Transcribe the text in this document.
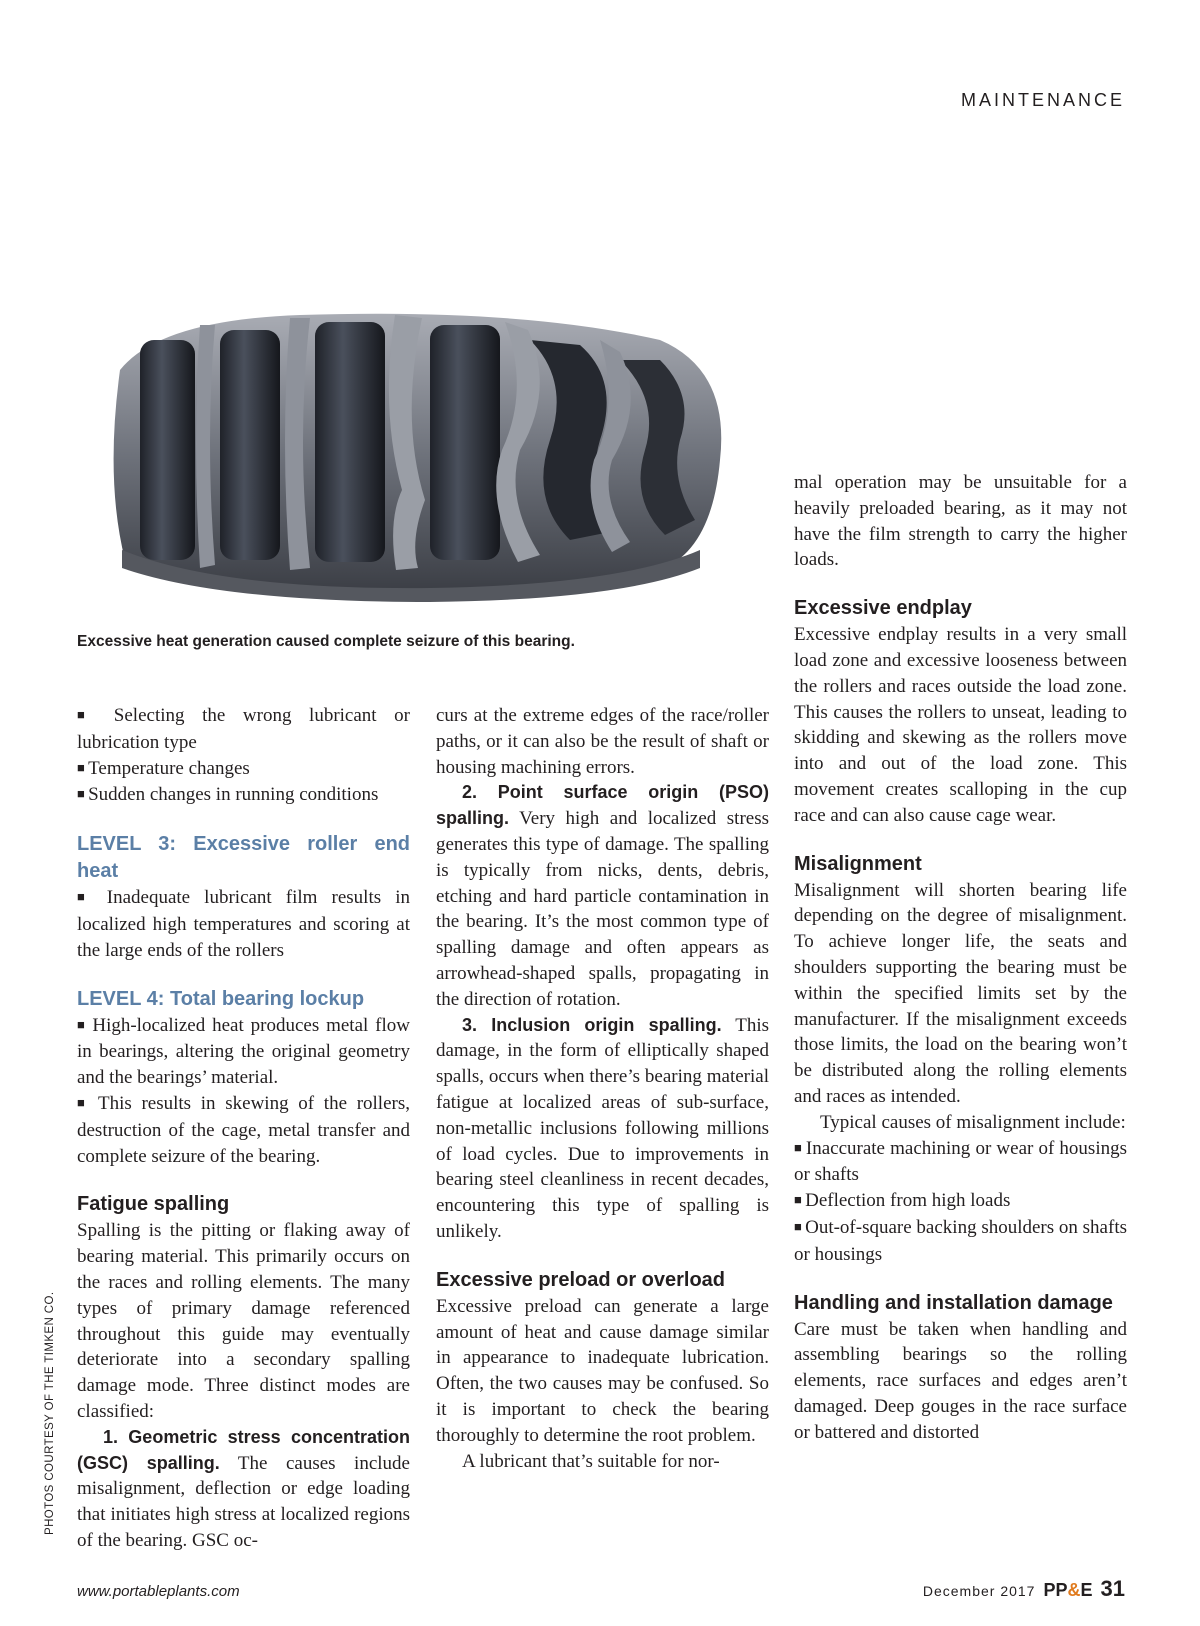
MAINTENANCE
Excessive heat generation caused complete seizure of this bearing.
PHOTOS COURTESY OF THE TIMKEN CO.

■ Selecting the wrong lubricant or lubrication type

■ Temperature changes

■ Sudden changes in running conditions

LEVEL 3: Excessive roller end heat

■ Inadequate lubricant film results in localized high temperatures and scoring at the large ends of the rollers

LEVEL 4: Total bearing lockup

■ High-localized heat produces metal flow in bearings, altering the original geometry and the bearings’ material.

■ This results in skewing of the rollers, destruction of the cage, metal transfer and complete seizure of the bearing.

Fatigue spalling

Spalling is the pitting or flaking away of bearing material. This primarily occurs on the races and rolling elements. The many types of primary damage referenced throughout this guide may eventually deteriorate into a secondary spalling damage mode. Three distinct modes are classified:

1. Geometric stress concentration (GSC) spalling. The causes include misalignment, deflection or edge loading that initiates high stress at localized regions of the bearing. GSC oc-

curs at the extreme edges of the race/roller paths, or it can also be the result of shaft or housing machining errors.

2. Point surface origin (PSO) spalling. Very high and localized stress generates this type of damage. The spalling is typically from nicks, dents, debris, etching and hard particle contamination in the bearing. It’s the most common type of spalling damage and often appears as arrowhead-shaped spalls, propagating in the direction of rotation.

3. Inclusion origin spalling. This damage, in the form of elliptically shaped spalls, occurs when there’s bearing material fatigue at localized areas of sub-surface, non-metallic inclusions following millions of load cycles. Due to improvements in bearing steel cleanliness in recent decades, encountering this type of spalling is unlikely.

Excessive preload or overload

Excessive preload can generate a large amount of heat and cause damage similar in appearance to inadequate lubrication. Often, the two causes may be confused. So it is important to check the bearing thoroughly to determine the root problem.

A lubricant that’s suitable for nor-

mal operation may be unsuitable for a heavily preloaded bearing, as it may not have the film strength to carry the higher loads.

Excessive endplay

Excessive endplay results in a very small load zone and excessive looseness between the rollers and races outside the load zone. This causes the rollers to unseat, leading to skidding and skewing as the rollers move into and out of the load zone. This movement creates scalloping in the cup race and can also cause cage wear.

Misalignment

Misalignment will shorten bearing life depending on the degree of misalignment. To achieve longer life, the seats and shoulders supporting the bearing must be within the specified limits set by the manufacturer. If the misalignment exceeds those limits, the load on the bearing won’t be distributed along the rolling elements and races as intended.

Typical causes of misalignment include:

■ Inaccurate machining or wear of housings or shafts

■ Deflection from high loads

■ Out-of-square backing shoulders on shafts or housings

Handling and installation damage

Care must be taken when handling and assembling bearings so the rolling elements, race surfaces and edges aren’t damaged. Deep gouges in the race surface or battered and distorted

www.portableplants.com	December 2017 PP&E 31
